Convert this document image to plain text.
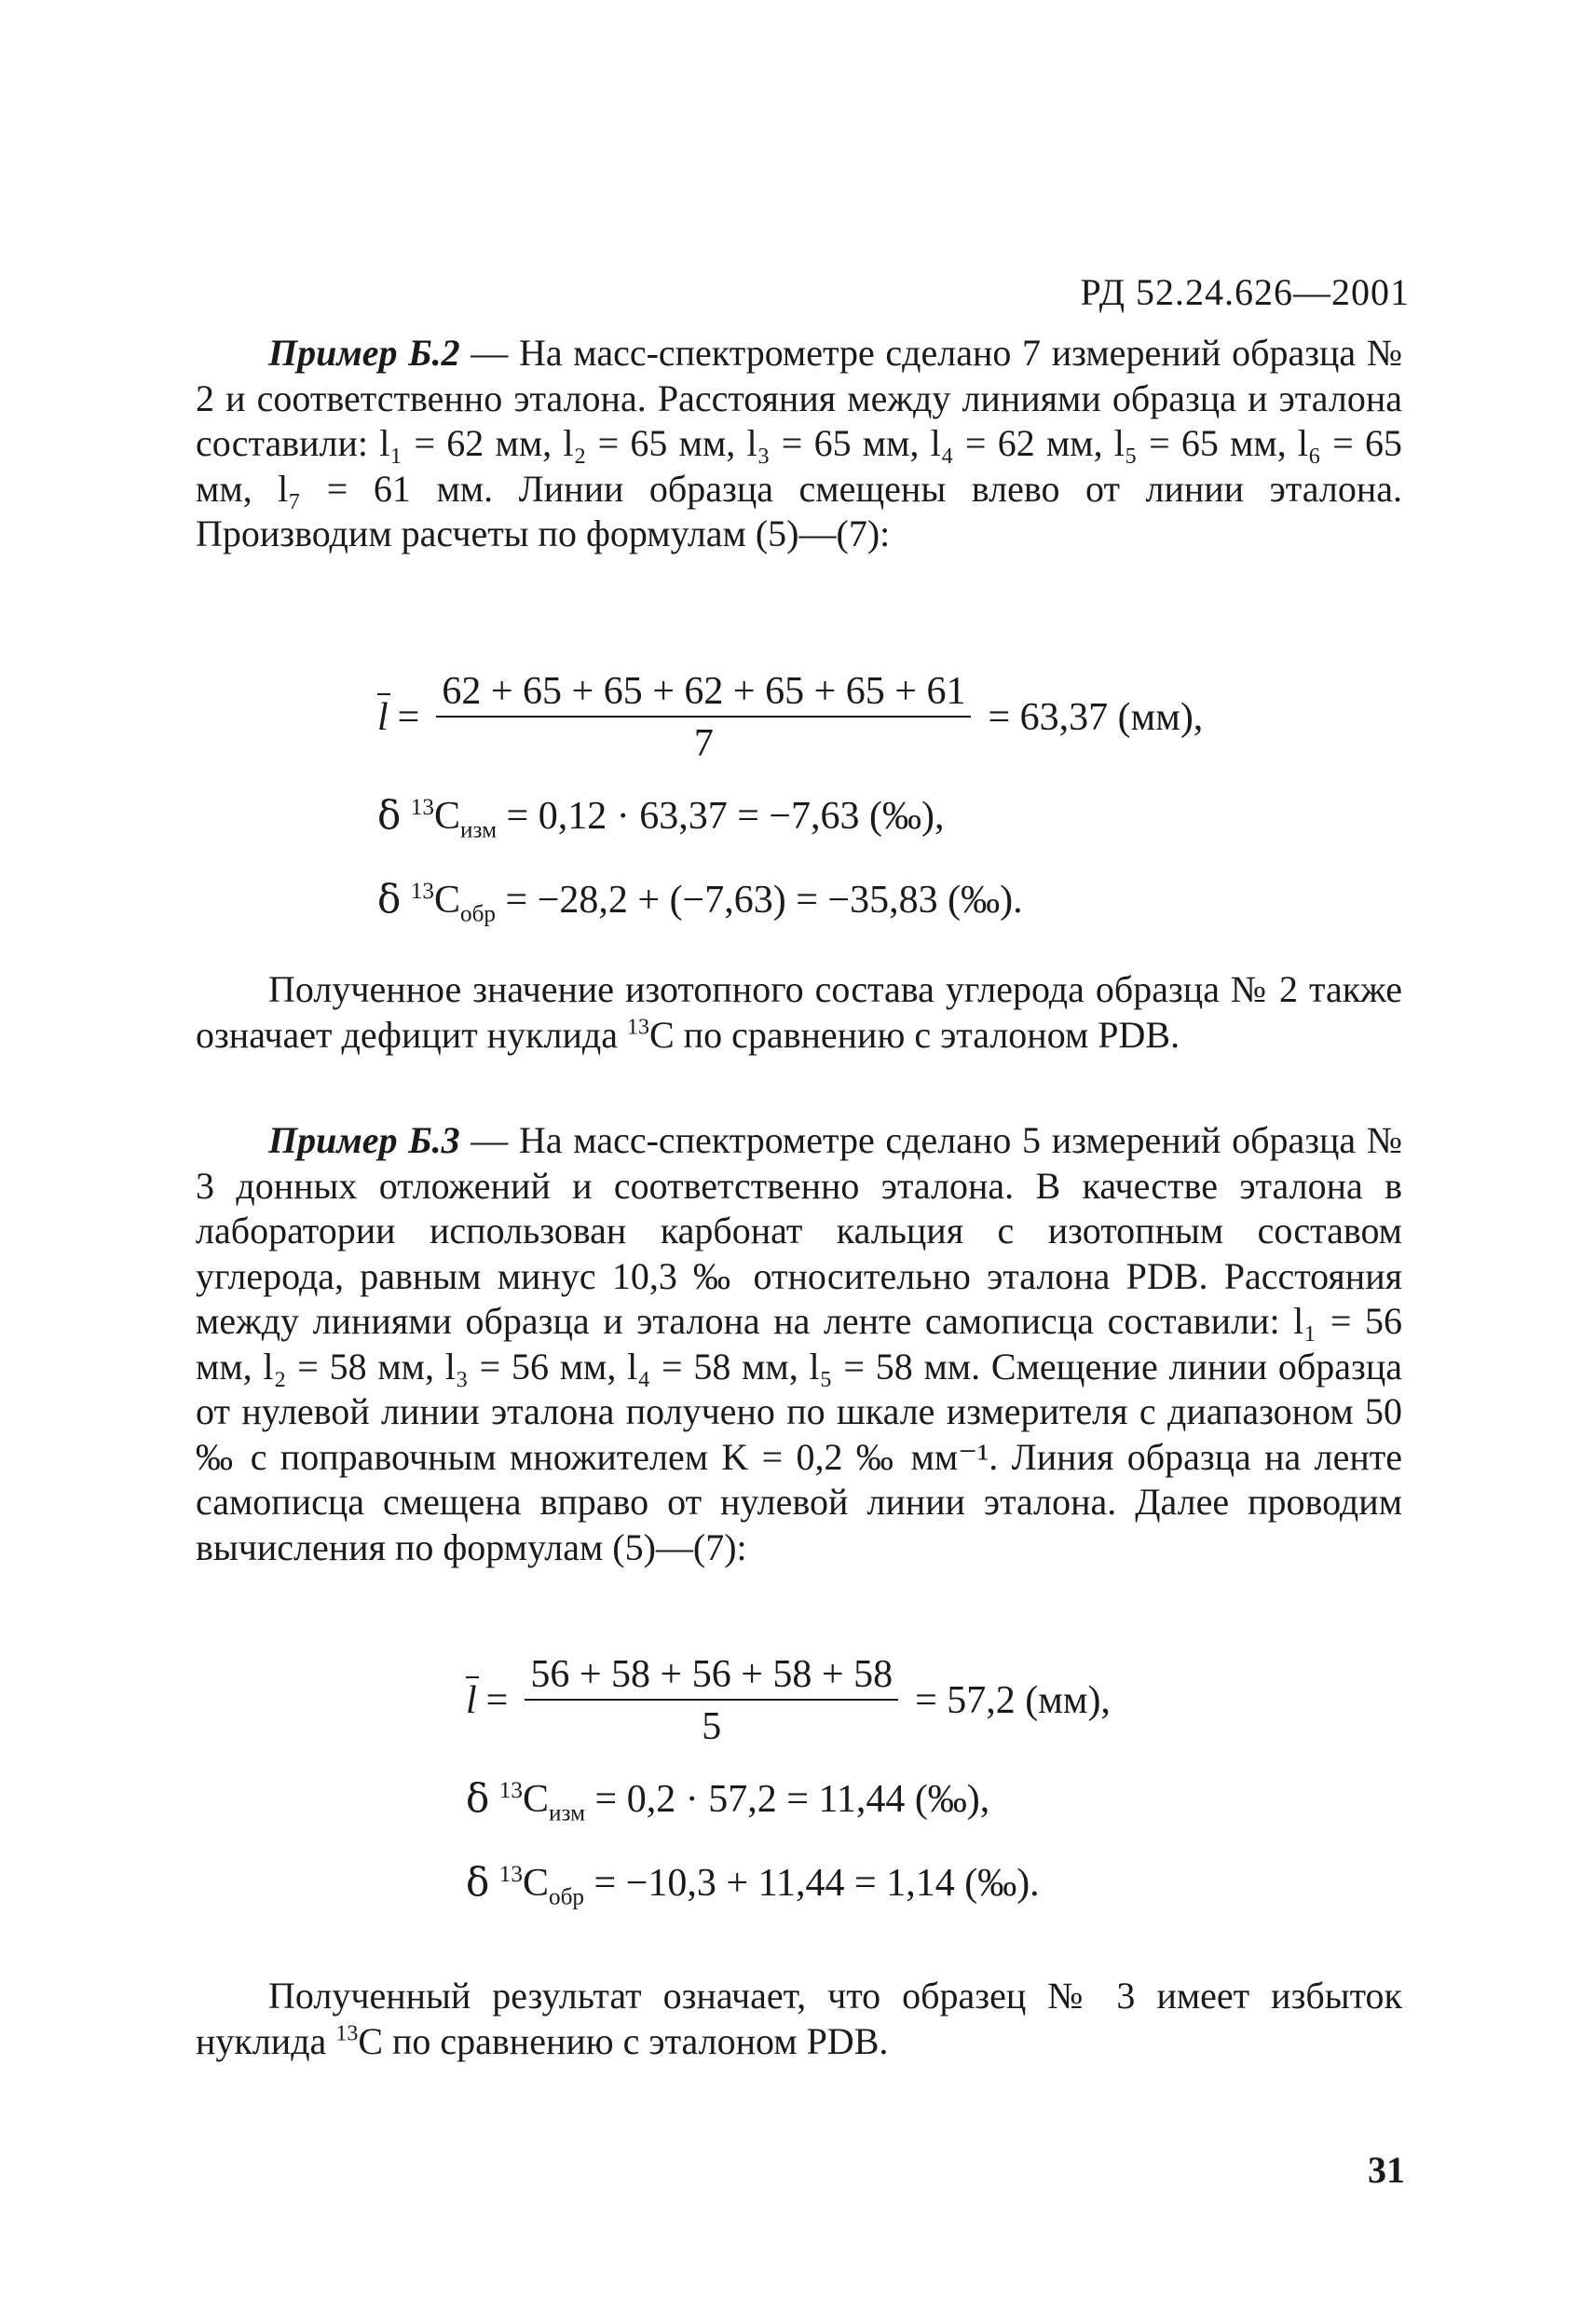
РД 52.24.626—2001
Пример Б.2 — На масс-спектрометре сделано 7 измерений образца № 2 и соответственно эталона. Расстояния между линиями образца и эталона составили: l₁ = 62 мм, l₂ = 65 мм, l₃ = 65 мм, l₄ = 62 мм, l₅ = 65 мм, l₆ = 65 мм, l₇ = 61 мм. Линии образца смещены влево от линии эталона. Производим расчеты по формулам (5)—(7):
$l = \frac{62 + 65 + 65 + 62 + 65 + 65 + 61}{7} = 63,37$ (мм),
δ $^{13}C_{изм} = 0,12 \cdot 63,37 = -7,63$ (‰),
δ $^{13}C_{обр} = -28,2 + (-7,63) = -35,83$ (‰).
Полученное значение изотопного состава углерода образца № 2 также означает дефицит нуклида $^{13}$C по сравнению с эталоном PDB.
Пример Б.3 — На масс-спектрометре сделано 5 измерений образца № 3 донных отложений и соответственно эталона. В качестве эталона в лаборатории использован карбонат кальция с изотопным составом углерода, равным минус 10,3 ‰ относительно эталона PDB. Расстояния между линиями образца и эталона на ленте самописца составили: l₁ = 56 мм, l₂ = 58 мм, l₃ = 56 мм, l₄ = 58 мм, l₅ = 58 мм. Смещение линии образца от нулевой линии эталона получено по шкале измерителя с диапазоном 50 ‰ с поправочным множителем K = 0,2 ‰ мм⁻¹. Линия образца на ленте самописца смещена вправо от нулевой линии эталона. Далее проводим вычисления по формулам (5)—(7):
$l = \frac{56 + 58 + 56 + 58 + 58}{5} = 57,2$ (мм),
δ $^{13}C_{изм} = 0,2 \cdot 57,2 = 11,44$ (‰),
δ $^{13}C_{обр} = -10,3 + 11,44 = 1,14$ (‰).
Полученный результат означает, что образец № 3 имеет избыток нуклида $^{13}$C по сравнению с эталоном PDB.
31
